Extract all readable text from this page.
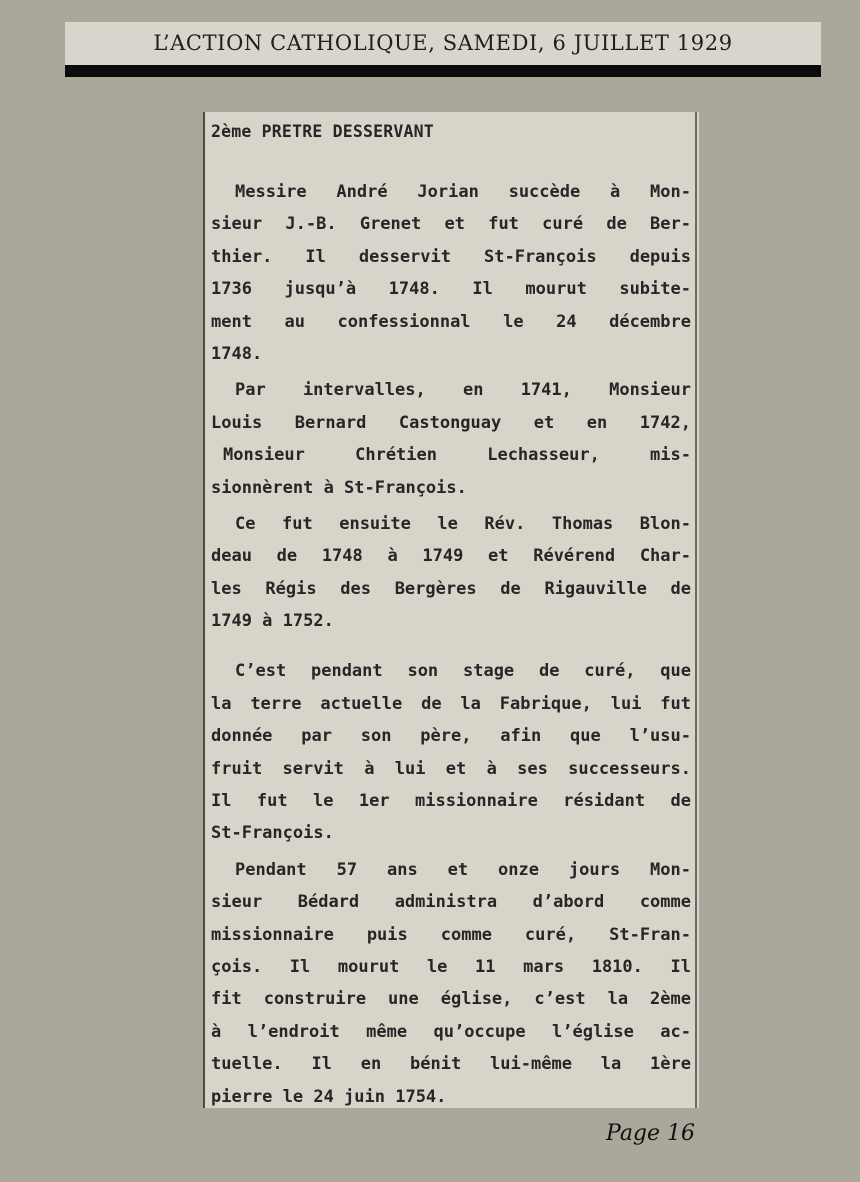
L’ACTION CATHOLIQUE, SAMEDI, 6 JUILLET 1929
2ème PRETRE DESSERVANT
Messire André Jorian succède à Mon-
sieur J.-B. Grenet et fut curé de Ber-
thier. Il desservit St-François depuis
1736 jusqu’à 1748. Il mourut subite-
ment au confessionnal le 24 décembre
1748.
Par intervalles, en 1741, Monsieur
Louis Bernard Castonguay et en 1742,
Monsieur Chrétien Lechasseur, mis-
sionnèrent à St-François.
Ce fut ensuite le Rév. Thomas Blon-
deau de 1748 à 1749 et Révérend Char-
les Régis des Bergères de Rigauville de
1749 à 1752.
C’est pendant son stage de curé, que
la terre actuelle de la Fabrique, lui fut
donnée par son père, afin que l’usu-
fruit servit à lui et à ses successeurs.
Il fut le 1er missionnaire résidant de
St-François.
Pendant 57 ans et onze jours Mon-
sieur Bédard administra d’abord comme
missionnaire puis comme curé, St-Fran-
çois. Il mourut le 11 mars 1810. Il
fit construire une église, c’est la 2ème
à l’endroit même qu’occupe l’église ac-
tuelle. Il en bénit lui-même la 1ère
pierre le 24 juin 1754.
Page 16
